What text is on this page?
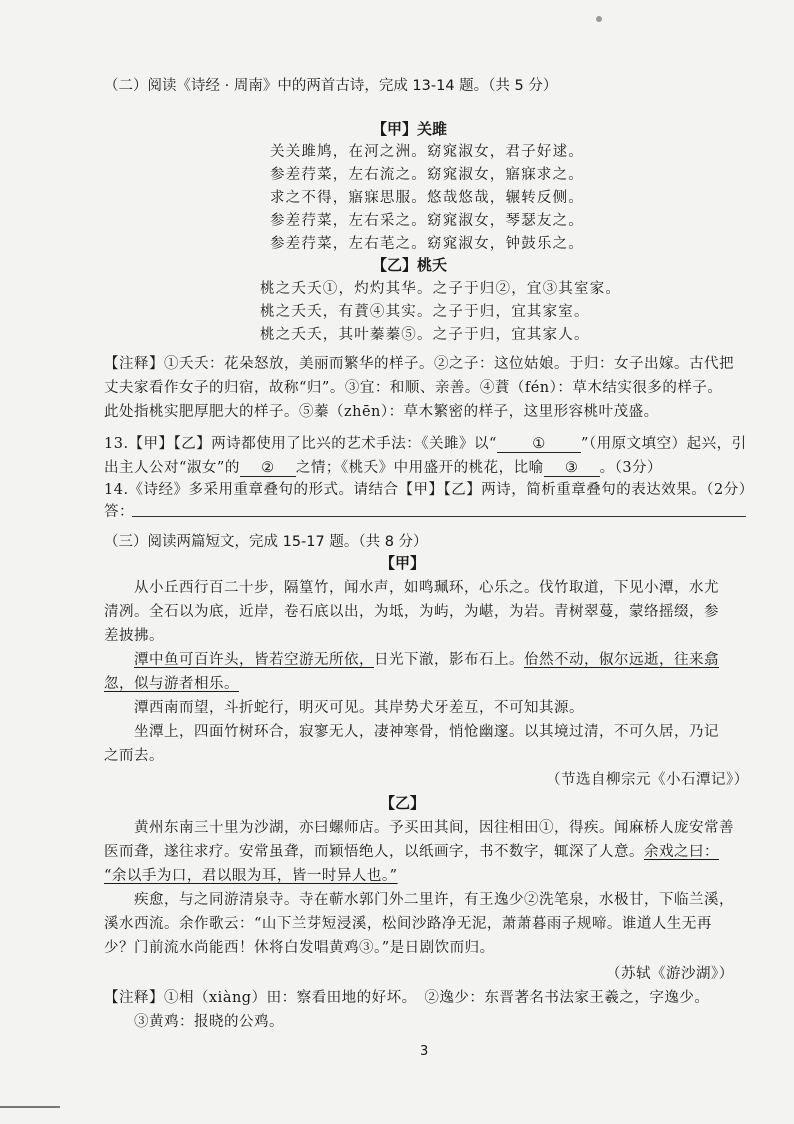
（二）阅读《诗经 · 周南》中的两首古诗，完成 13-14 题。（共 5 分）
【甲】关雎
关关雎鸠，在河之洲。窈窕淑女，君子好逑。
参差荇菜，左右流之。窈窕淑女，寤寐求之。
求之不得，寤寐思服。悠哉悠哉，辗转反侧。
参差荇菜，左右采之。窈窕淑女，琴瑟友之。
参差荇菜，左右芼之。窈窕淑女，钟鼓乐之。
【乙】桃夭
桃之夭夭①，灼灼其华。之子于归②，宜③其室家。
桃之夭夭，有蕡④其实。之子于归，宜其家室。
桃之夭夭，其叶蓁蓁⑤。之子于归，宜其家人。
【注释】①夭夭：花朵怒放，美丽而繁华的样子。②之子：这位姑娘。于归：女子出嫁。古代把
丈夫家看作女子的归宿，故称“归”。③宜：和顺、亲善。④蕡（fén）：草木结实很多的样子。
此处指桃实肥厚肥大的样子。⑤蓁（zhēn）：草木繁密的样子，这里形容桃叶茂盛。
13.【甲】【乙】两诗都使用了比兴的艺术手法：《关雎》以“ ① ”（用原文填空）起兴，引
出主人公对“淑女”的 ② 之情；《桃夭》中用盛开的桃花，比喻 ③ 。（3分）
14.《诗经》多采用重章叠句的形式。请结合【甲】【乙】两诗，简析重章叠句的表达效果。（2分）
答：
（三）阅读两篇短文，完成 15-17 题。（共 8 分）
【甲】
从小丘西行百二十步，隔篁竹，闻水声，如鸣珮环，心乐之。伐竹取道，下见小潭，水尤
清冽。全石以为底，近岸，卷石底以出，为坻，为屿，为嵁，为岩。青树翠蔓，蒙络摇缀，参
差披拂。
潭中鱼可百许头，皆若空游无所依，日光下澈，影布石上。佁然不动，俶尔远逝，往来翕
忽，似与游者相乐。
潭西南而望，斗折蛇行，明灭可见。其岸势犬牙差互，不可知其源。
坐潭上，四面竹树环合，寂寥无人，凄神寒骨，悄怆幽邃。以其境过清，不可久居，乃记
之而去。
（节选自柳宗元《小石潭记》）
【乙】
黄州东南三十里为沙湖，亦曰螺师店。予买田其间，因往相田①，得疾。闻麻桥人庞安常善
医而聋，遂往求疗。安常虽聋，而颖悟绝人，以纸画字，书不数字，辄深了人意。余戏之曰：
“余以手为口，君以眼为耳，皆一时异人也。”
疾愈，与之同游清泉寺。寺在蕲水郭门外二里许，有王逸少②洗笔泉，水极甘，下临兰溪，
溪水西流。余作歌云：“山下兰芽短浸溪，松间沙路净无泥，萧萧暮雨子规啼。谁道人生无再
少？门前流水尚能西！休将白发唱黄鸡③。”是日剧饮而归。
（苏轼《游沙湖》）
【注释】①相（xiàng）田：察看田地的好坏。　②逸少：东晋著名书法家王羲之，字逸少。
③黄鸡：报晓的公鸡。
3
